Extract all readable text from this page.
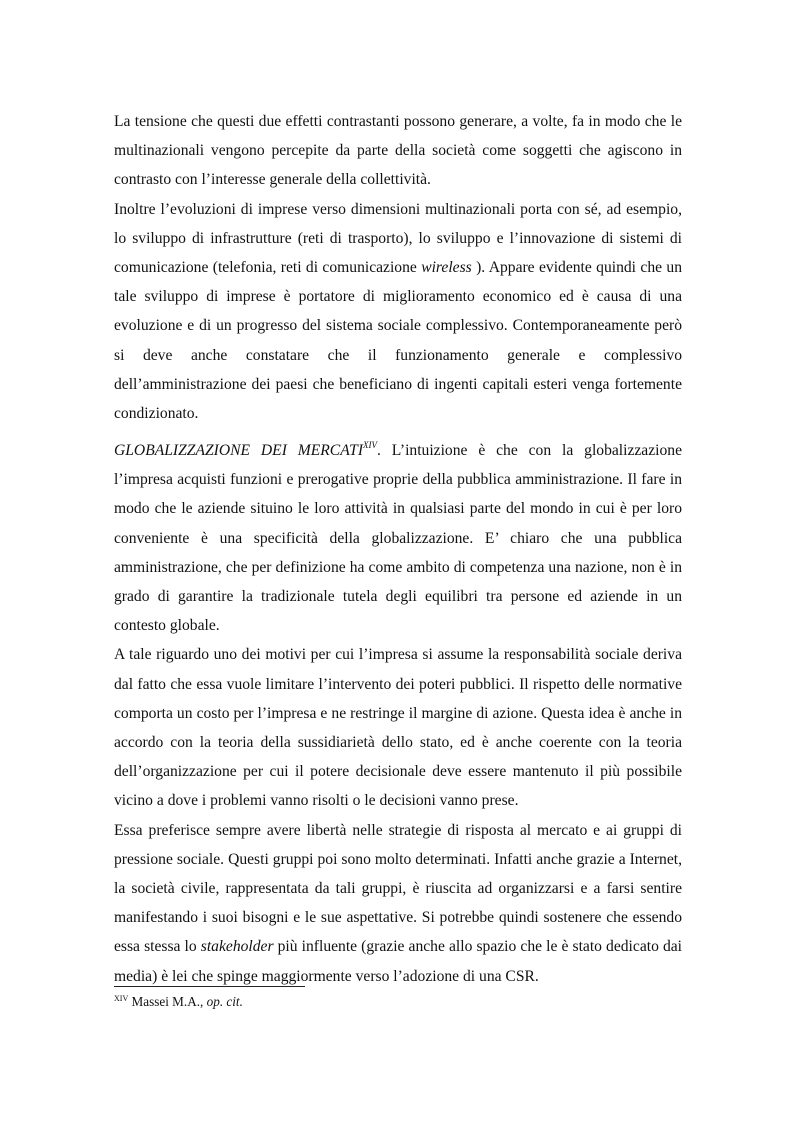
La tensione che questi due effetti contrastanti possono generare, a volte, fa in modo che le multinazionali vengono percepite da parte della società come soggetti che agiscono in contrasto con l’interesse generale della collettività.

Inoltre l’evoluzioni di imprese verso dimensioni multinazionali porta con sé, ad esempio, lo sviluppo di infrastrutture (reti di trasporto), lo sviluppo e l’innovazione di sistemi di comunicazione (telefonia, reti di comunicazione wireless ). Appare evidente quindi che un tale sviluppo di imprese è portatore di miglioramento economico ed è causa di una evoluzione e di un progresso del sistema sociale complessivo. Contemporaneamente però si deve anche constatare che il funzionamento generale e complessivo dell’amministrazione dei paesi che beneficiano di ingenti capitali esteri venga fortemente condizionato.

GLOBALIZZAZIONE DEI $MERCATI^{XIV}$. L’intuizione è che con la globalizzazione l’impresa acquisti funzioni e prerogative proprie della pubblica amministrazione. Il fare in modo che le aziende situino le loro attività in qualsiasi parte del mondo in cui è per loro conveniente è una specificità della globalizzazione. E’ chiaro che una pubblica amministrazione, che per definizione ha come ambito di competenza una nazione, non è in grado di garantire la tradizionale tutela degli equilibri tra persone ed aziende in un contesto globale.

A tale riguardo uno dei motivi per cui l’impresa si assume la responsabilità sociale deriva dal fatto che essa vuole limitare l’intervento dei poteri pubblici. Il rispetto delle normative comporta un costo per l’impresa e ne restringe il margine di azione. Questa idea è anche in accordo con la teoria della sussidiarietà dello stato, ed è anche coerente con la teoria dell’organizzazione per cui il potere decisionale deve essere mantenuto il più possibile vicino a dove i problemi vanno risolti o le decisioni vanno prese.

Essa preferisce sempre avere libertà nelle strategie di risposta al mercato e ai gruppi di pressione sociale. Questi gruppi poi sono molto determinati. Infatti anche grazie a Internet, la società civile, rappresentata da tali gruppi, è riuscita ad organizzarsi e a farsi sentire manifestando i suoi bisogni e le sue aspettative. Si potrebbe quindi sostenere che essendo essa stessa lo stakeholder più influente (grazie anche allo spazio che le è stato dedicato dai media) è lei che spinge maggiormente verso l’adozione di una CSR.

$^{XIV}$ Massei M.A., op. cit.
